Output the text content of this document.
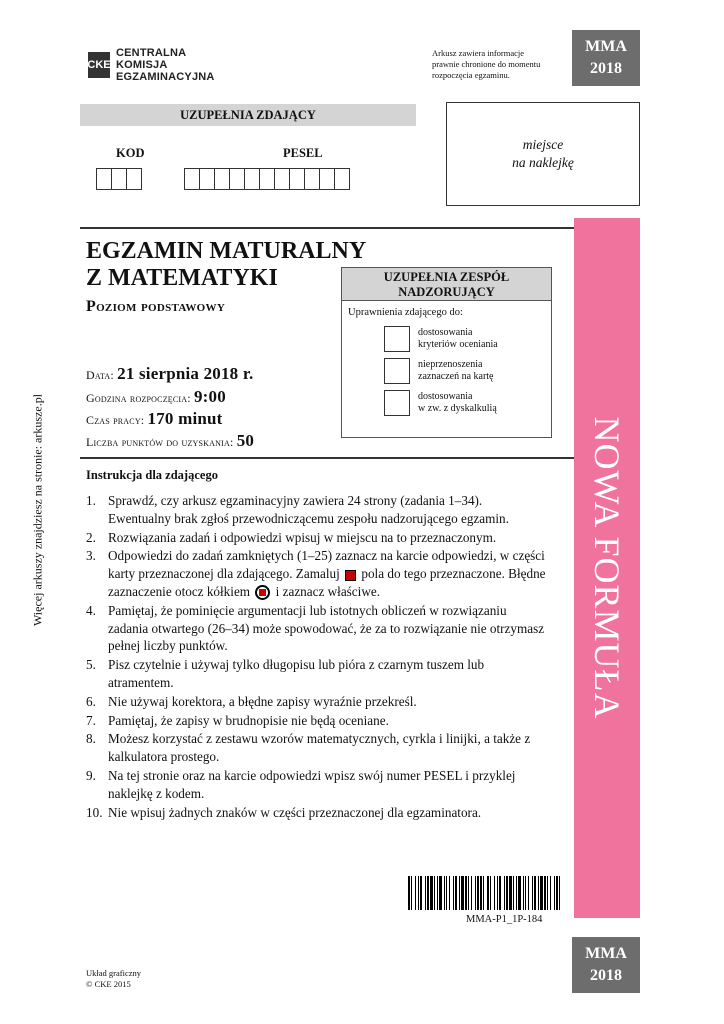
CKE
CENTRALNA
KOMISJA
EGZAMINACYJNA
Arkusz zawiera informacje
prawnie chronione do momentu
rozpoczęcia egzaminu.
MMA
2018
UZUPEŁNIA ZDAJĄCY
KOD	PESEL
miejsce
na naklejkę
NOWA FORMUŁA
EGZAMIN MATURALNY
Z MATEMATYKI
Poziom podstawowy
Data: 21 sierpnia 2018 r.
Godzina rozpoczęcia: 9:00
Czas pracy: 170 minut
Liczba punktów do uzyskania: 50
UZUPEŁNIA ZESPÓŁ
NADZORUJĄCY
Uprawnienia zdającego do:
dostosowania
kryteriów oceniania
nieprzenoszenia
zaznaczeń na kartę
dostosowania
w zw. z dyskalkulią
Więcej arkuszy znajdziesz na stronie: arkusze.pl	Instrukcja dla zdającego
1. Sprawdź, czy arkusz egzaminacyjny zawiera 24 strony (zadania 1–34). Ewentualny brak zgłoś przewodniczącemu zespołu nadzorującego egzamin.
2. Rozwiązania zadań i odpowiedzi wpisuj w miejscu na to przeznaczonym.
3. Odpowiedzi do zadań zamkniętych (1–25) zaznacz na karcie odpowiedzi, w części karty przeznaczonej dla zdającego. Zamaluj pola do tego przeznaczone. Błędne zaznaczenie otocz kółkiem i zaznacz właściwe.
4. Pamiętaj, że pominięcie argumentacji lub istotnych obliczeń w rozwiązaniu zadania otwartego (26–34) może spowodować, że za to rozwiązanie nie otrzymasz pełnej liczby punktów.
5. Pisz czytelnie i używaj tylko długopisu lub pióra z czarnym tuszem lub atramentem.
6. Nie używaj korektora, a błędne zapisy wyraźnie przekreśl.
7. Pamiętaj, że zapisy w brudnopisie nie będą oceniane.
8. Możesz korzystać z zestawu wzorów matematycznych, cyrkla i linijki, a także z kalkulatora prostego.
9. Na tej stronie oraz na karcie odpowiedzi wpisz swój numer PESEL i przyklej naklejkę z kodem.
10. Nie wpisuj żadnych znaków w części przeznaczonej dla egzaminatora.
MMA-P1_1P-184
Układ graficzny
© CKE 2015
MMA
2018
